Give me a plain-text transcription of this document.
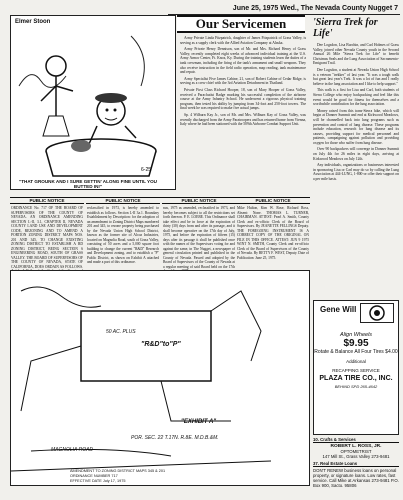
June 25, 1975 Wed., The Nevada County Nugget 7
Elmer Stoon
6-25
"THAT GROUNK AND I SURE GETTIN' ALONG FINE UNTIL YOU BUTTED IN!"
Our Servicemen

Army Private Linda Fitzpatrick, daughter of James Fitzpatrick of Grass Valley, is serving as a supply clerk with the Allied Aviation Company at Alaska.

Army Private Henry Dennison, son of Mr. and Mrs. Richard Henry of Grass Valley, recently completed eight weeks of advanced individual training at the U.S. Army Armor Center, Ft. Knox, Ky. During the training students learn the duties of a tank crewman, including the firing of the tank's armament and small weapons. They also receive instruction in the field radio operation, map reading, tank maintenance and repair.

Army Specialist Five James Cabine, 21, son of Robert Cabine of Cedar Ridge, is serving as a crew chief with the 3rd Aviation Detachment in Thailand.

Private First Class Richard Hooper, 18, son of Mary Hooper of Grass Valley, received a Parachutist Badge marking his successful completion of the airborne course at the Army Infantry School. He underwent a rigorous physical training program, then tested his ability by jumping from 34-foot and 250-foot towers. The final week he was required to make five actual jumps.

Sp. 4 Wilburn Kay Jr., son of Mr. and Mrs. Wilburn Kay of Grass Valley, was recently discharged from the Army Paratroopers and has returned home from Vienna, Italy where he had been stationed with the 509th Airborne Combat Support Unit.

'Sierra Trek for Life'

Dee Logsdon, Lisa Burchin, and Carl Holmes of Grass Valley, joined other Nevada County youth in the Second Annual 26 Mile "Sierra Trek for Life" to benefit Christmas Seals and the Lung Association of Sacramento-Emigrant Trail.

Dee Logsdon, a student at Nevada Union High School is a veteran "trekker" of last year. "It was a tough walk but great last year's Trek. It was a lot of fun and I really believe in the lung association and I like to help support."

This walk is a first for Lisa and Carl, both students of Sierra College who enjoy backpacking and feel like this event would be good for fitness for themselves and a worthwhile contribution for the lung association.

Money raised from this trans-Sierra hike, which will begin at Donner Summit and end at Kirkwood Meadows, will be channelled back into lung programs such as prevention and control of lung disease. These programs include education, research for lung disease and its causes, providing support for medical personnel and patients, campaigning against pollution and providing oxygen for those who suffer from lung disease.

Over 90 backpackers will converge in Donner Summit on July 4th for 26 miles in eight days, arriving at Kirkwood Meadows on July 12th.

Any individuals, organizations or businesses interested in sponsoring Lisa or Carl may do so by calling the Lung Association at 444-LUNG, 1-800-or offer their support on a per mile basis.

Gene Will
Align Wheels
$9.95
Rotate & Balance All Four Tires $4.00
Additional
RECAPPING SERVICE
PLAZA TIRE CO., INC.
BEHIND SPD 265-4642
10. Crafts & Services
ROBERT L. ROSS, JR.
OPTOMETRIST
147 Mill St., Grass Valley 273-9481
37. Real Estate Loans
DON'T RENEW business loans on personal property, or signature loans. Low rates, fast service. Call Mike at Arkansas 273-9481 P.O. Box 900, Sacto. 95806
PUBLIC NOTICE	PUBLIC NOTICE	PUBLIC NOTICE	PUBLIC NOTICE
ORDINANCE No. 717 OF THE BOARD OF SUPERVISORS OF THE COUNTY OF NEVADA. AN ORDINANCE AMENDING SECTION L-II, 3.1, CHAPTER II, NEVADA COUNTY LAND USE AND DEVELOPMENT CODE, REZONING AND TO AMEND A PORTION ZONING DISTRICT MAPS NOS. 201 AND 345, TO CHANGE EXISTING ZONING DISTRICT TO ESTABLISH A RD ZONING DISTRICT, BEING SECTION 6 ENGINEERING ROAD, SOUTH OF GRASS VALLEY. THE BOARD OF SUPERVISORS OF THE COUNTY OF NEVADA, STATE OF CALIFORNIA, DOES ORDAIN AS FOLLOWS.
reclassified in 1973, is hereby amended to establish as follows. Section L-II 3a.1. Boundary Establishment by Description: for the adoption of an amendment to Zoning District Maps numbered 201 and 345, to rezone property being purchased by the Nevada Union High School District, known as the former site of Alcoa Industries, located on Magnolia Road, south of Grass Valley, consisting of 50 acres and a 5,000 square foot building to change the current "R&D" Research and Development zoning, and to establish a "P" Public District, as shown on Exhibit A attached and made a part of this ordinance.
nus, 1975 as amended, reclassified in 1973, and hereby becomes subject to all the restrictions set forth thereon. P. E. LOEBE. This Ordinance shall take effect and be in force at the expiration of thirty (30) days from and after its passage, and it shall become operative on the 17th day of July, 1975, and before the expiration of fifteen (15) days after its passage it shall be published once with the names of the Supervisors voting for and against the same, in The Nugget, a newspaper of general circulation printed and published in the County of Nevada. Passed and adopted by the Board of Supervisors of the County of Nevada at a regular meeting of said Board held on the 17th
Mike Hulton, Kim W. Rose, Richard Ross, Absent: None. THOMAS L. TURNER, CHAIRMAN. ATTEST: Pearl A. Smith, County Clerk and ex-officio Clerk of the Board of Supervisors. By JEANETTE FELLINGS Deputy. THE FOREGOING INSTRUMENT IS A CORRECT COPY OF THE ORIGINAL ON FILE IN THIS OFFICE. ATTEST: JUN 9 1975 WINT N. SMITH, County Clerk and ex-officio Clerk of the Board of Supervisors of the County of Nevada. By BETTY F. WEST, Deputy. Date of Publication: June 25, 1975.
"R&D"to"P"
50 AC. PLUS
"EXHIBIT A"
POR. SEC. 22 T.17N. R.8E. M.D.B.&M.
MAGNOLIA ROAD
AMENDMENT TO ZONING DISTRICT MAPS 345 & 201
ORDINANCE NUMBER 717
EFFECTIVE DATE July 17, 1975
